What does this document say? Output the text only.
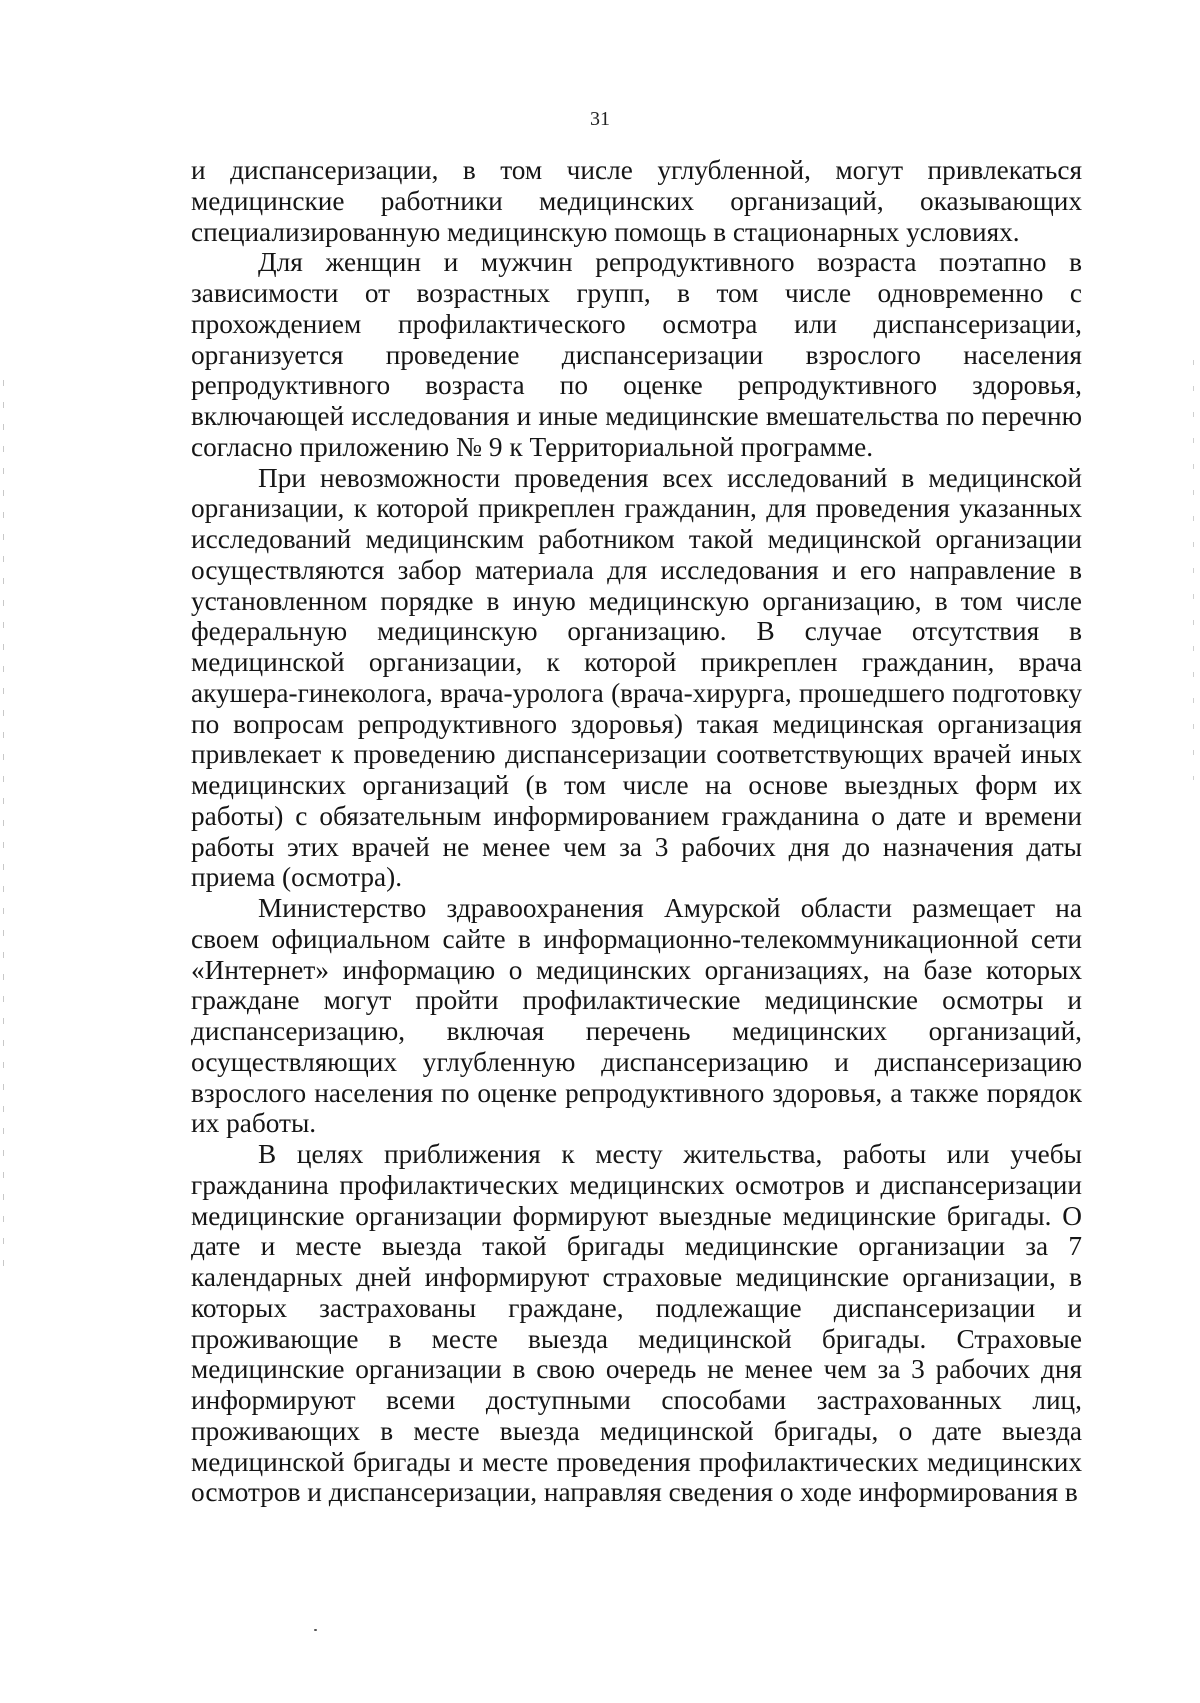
31

и диспансеризации, в том числе углубленной, могут привлекаться медицинские работники медицинских организаций, оказывающих специализированную медицинскую помощь в стационарных условиях.

Для женщин и мужчин репродуктивного возраста поэтапно в зависимости от возрастных групп, в том числе одновременно с прохождением профилактического осмотра или диспансеризации, организуется проведение диспансеризации взрослого населения репродуктивного возраста по оценке репродуктивного здоровья, включающей исследования и иные медицинские вмешательства по перечню согласно приложению № 9 к Территориальной программе.

При невозможности проведения всех исследований в медицинской организации, к которой прикреплен гражданин, для проведения указанных исследований медицинским работником такой медицинской организации осуществляются забор материала для исследования и его направление в установленном порядке в иную медицинскую организацию, в том числе федеральную медицинскую организацию. В случае отсутствия в медицинской организации, к которой прикреплен гражданин, врача акушера-гинеколога, врача-уролога (врача-хирурга, прошедшего подготовку по вопросам репродуктивного здоровья) такая медицинская организация привлекает к проведению диспансеризации соответствующих врачей иных медицинских организаций (в том числе на основе выездных форм их работы) с обязательным информированием гражданина о дате и времени работы этих врачей не менее чем за 3 рабочих дня до назначения даты приема (осмотра).

Министерство здравоохранения Амурской области размещает на своем официальном сайте в информационно-телекоммуникационной сети «Интернет» информацию о медицинских организациях, на базе которых граждане могут пройти профилактические медицинские осмотры и диспансеризацию, включая перечень медицинских организаций, осуществляющих углубленную диспансеризацию и диспансеризацию взрослого населения по оценке репродуктивного здоровья, а также порядок их работы.

В целях приближения к месту жительства, работы или учебы гражданина профилактических медицинских осмотров и диспансеризации медицинские организации формируют выездные медицинские бригады. О дате и месте выезда такой бригады медицинские организации за 7 календарных дней информируют страховые медицинские организации, в которых застрахованы граждане, подлежащие диспансеризации и проживающие в месте выезда медицинской бригады. Страховые медицинские организации в свою очередь не менее чем за 3 рабочих дня информируют всеми доступными способами застрахованных лиц, проживающих в месте выезда медицинской бригады, о дате выезда медицинской бригады и месте проведения профилактических медицинских осмотров и диспансеризации, направляя сведения о ходе информирования в
